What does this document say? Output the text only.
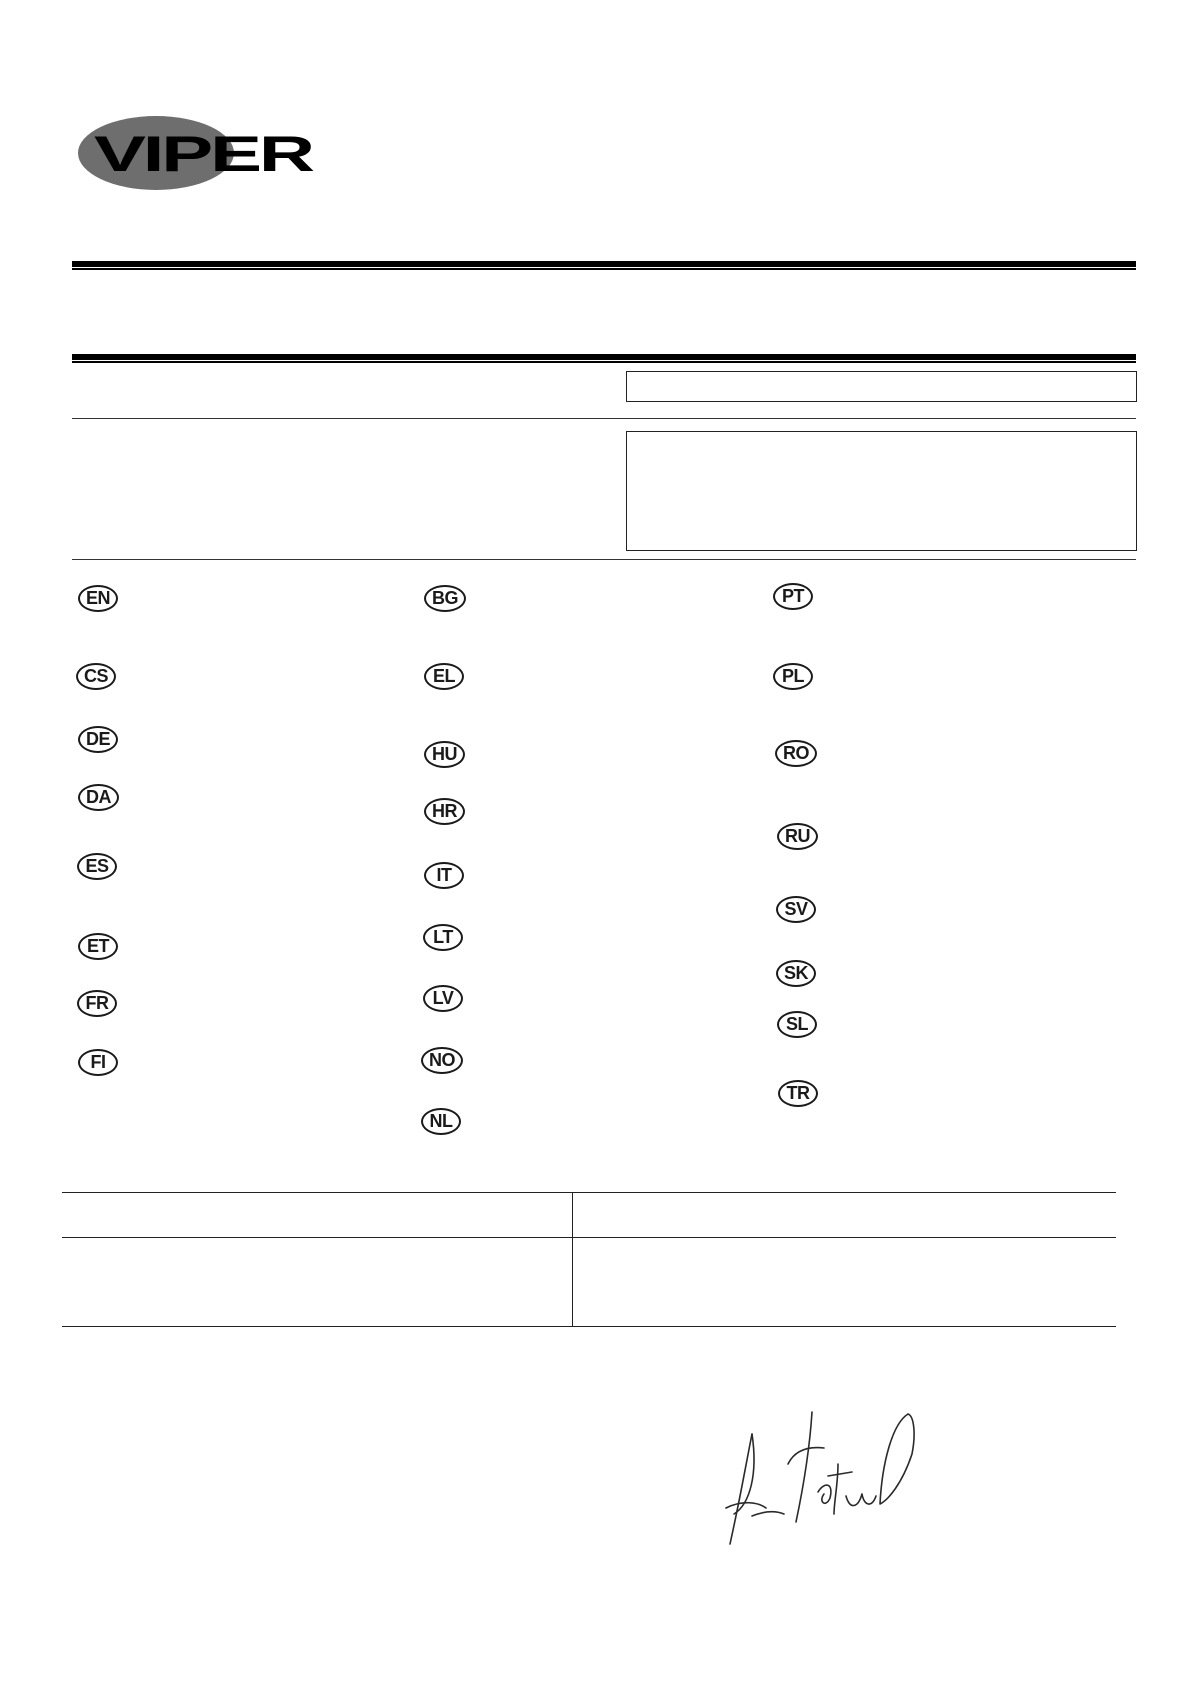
VIPER
EN
CS
DE
DA
ES
ET
FR
FI
BG
EL
HU
HR
IT
LT
LV
NO
NL
PT
PL
RO
RU
SV
SK
SL
TR
